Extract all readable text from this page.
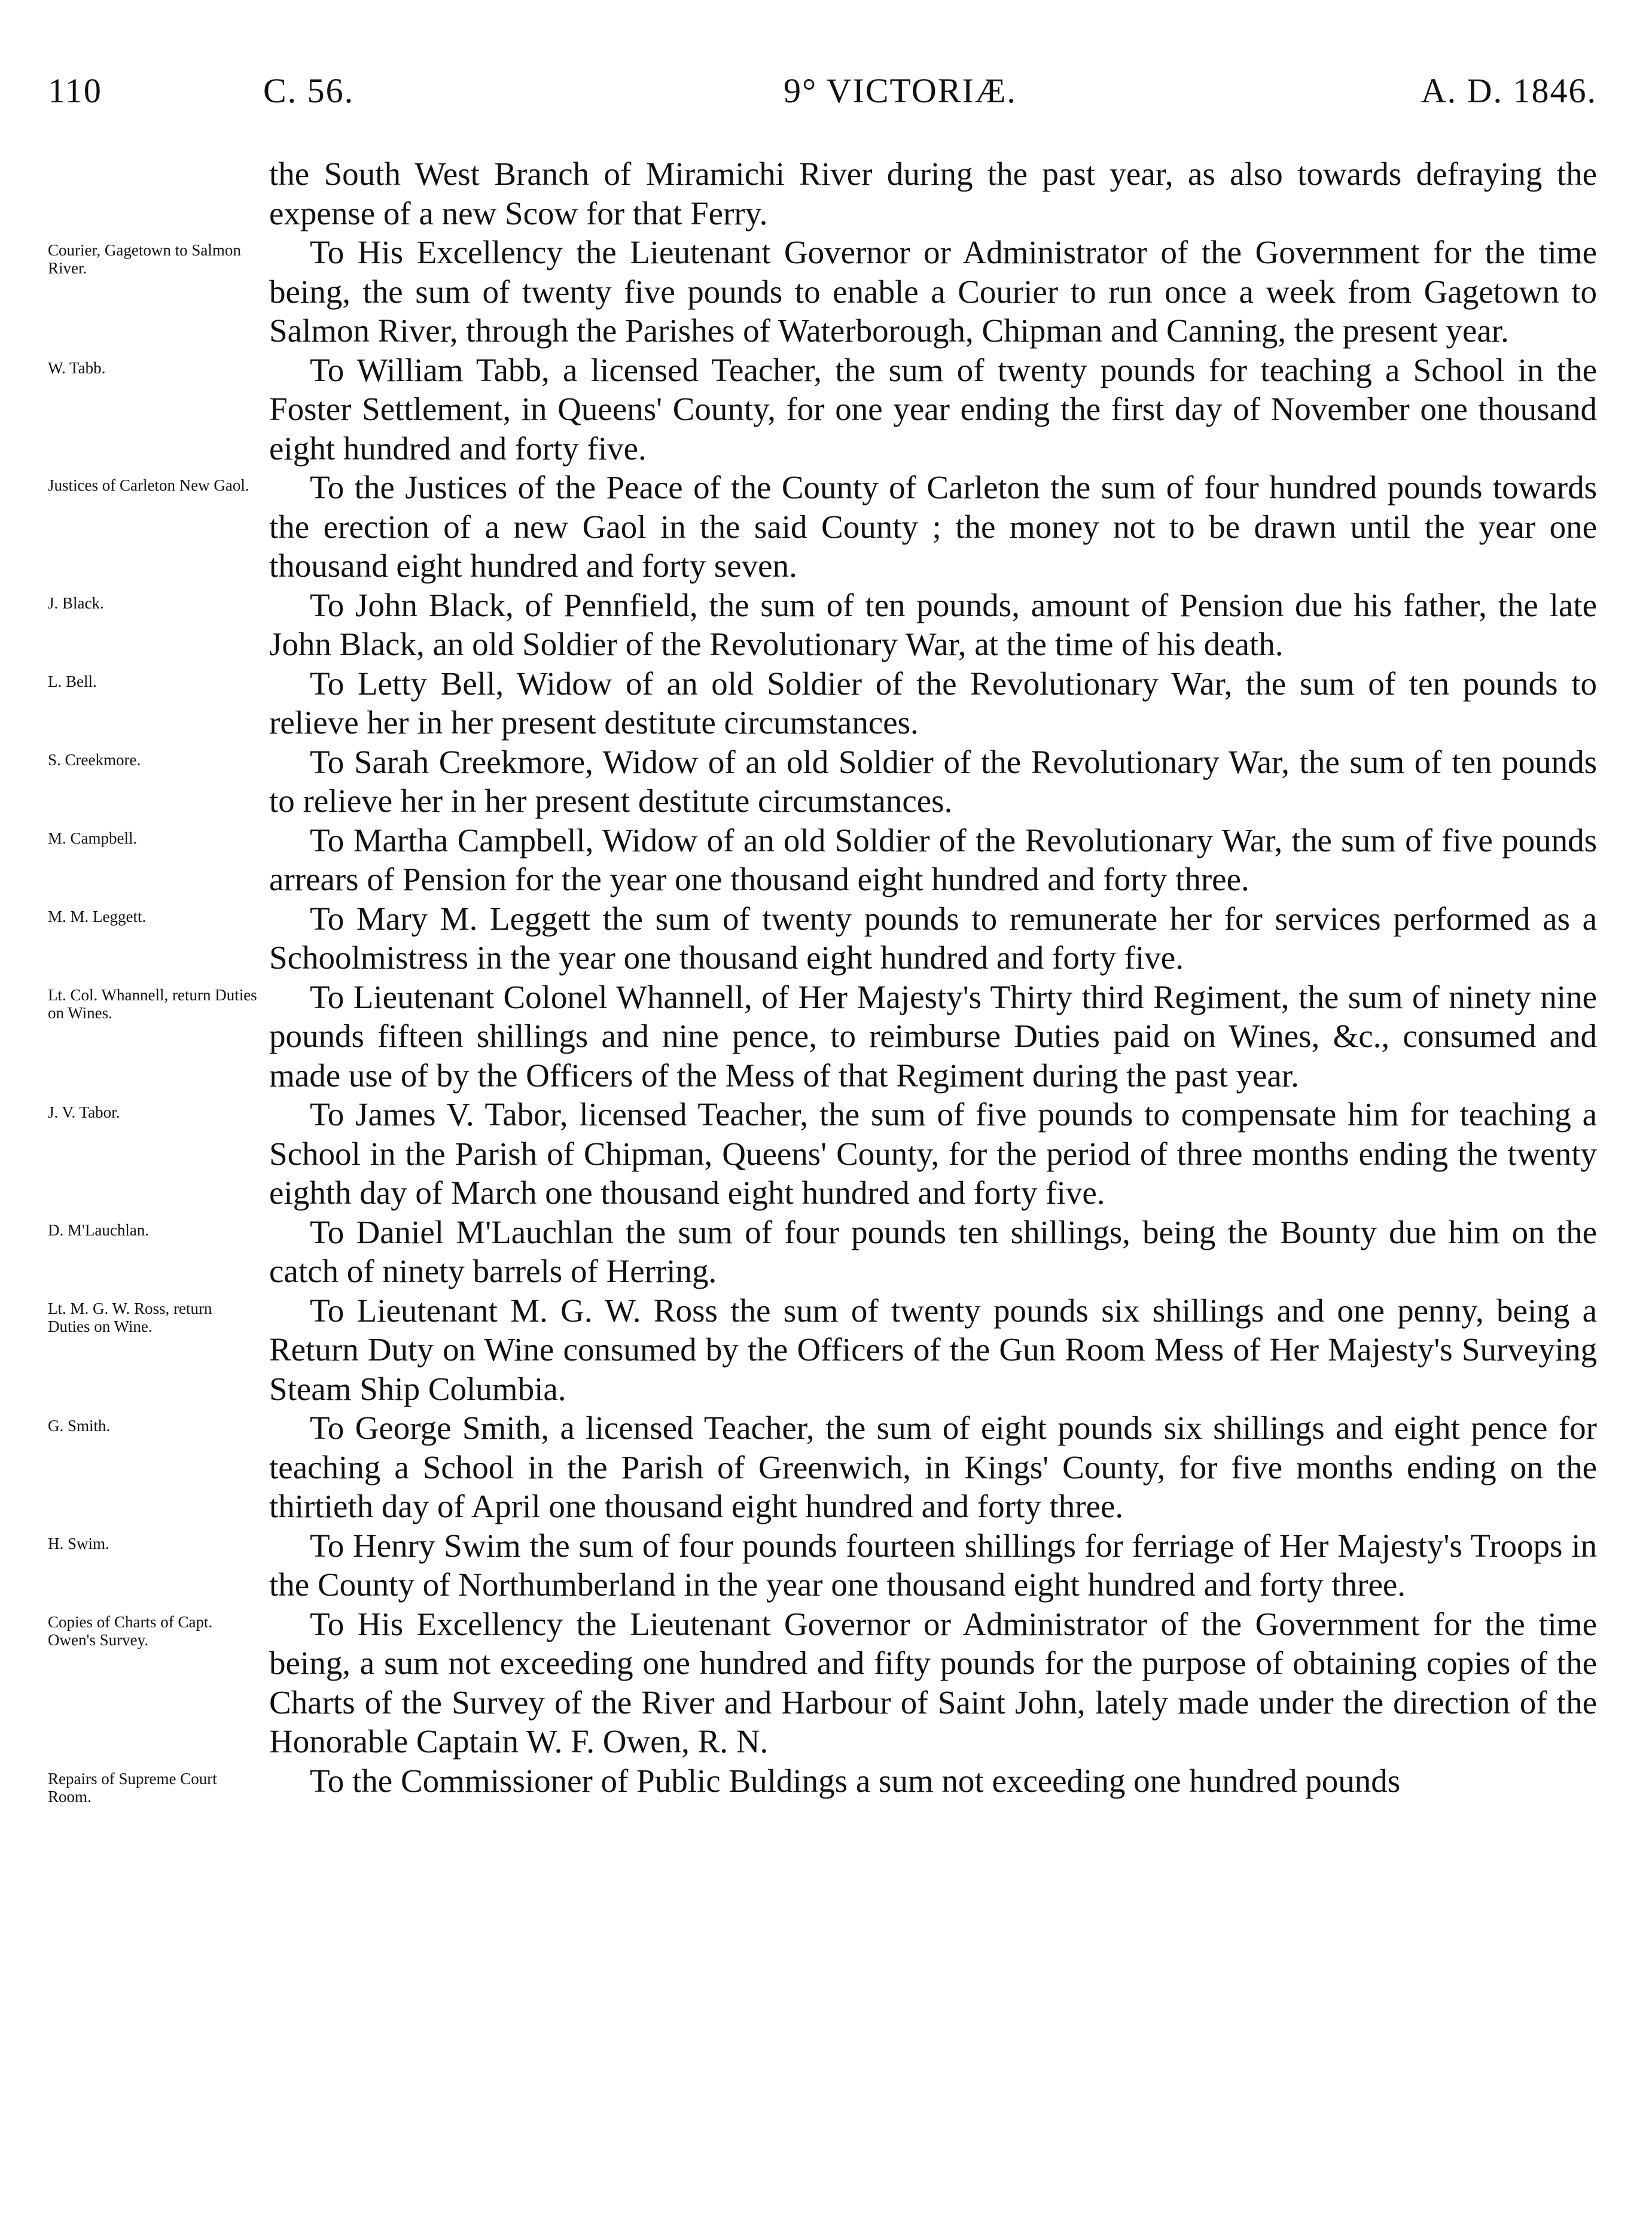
110	C. 56.	9° VICTORIÆ.	A. D. 1846.

the South West Branch of Miramichi River during the past year, as also towards defraying the expense of a new Scow for that Ferry.

Courier, Gagetown to Salmon River.	To His Excellency the Lieutenant Governor or Administrator of the Government for the time being, the sum of twenty five pounds to enable a Courier to run once a week from Gagetown to Salmon River, through the Parishes of Waterborough, Chipman and Canning, the present year.

W. Tabb.	To William Tabb, a licensed Teacher, the sum of twenty pounds for teaching a School in the Foster Settlement, in Queens' County, for one year ending the first day of November one thousand eight hundred and forty five.

Justices of Carleton New Gaol.	To the Justices of the Peace of the County of Carleton the sum of four hundred pounds towards the erection of a new Gaol in the said County ; the money not to be drawn until the year one thousand eight hundred and forty seven.

J. Black.	To John Black, of Pennfield, the sum of ten pounds, amount of Pension due his father, the late John Black, an old Soldier of the Revolutionary War, at the time of his death.

L. Bell.	To Letty Bell, Widow of an old Soldier of the Revolutionary War, the sum of ten pounds to relieve her in her present destitute circumstances.

S. Creekmore.	To Sarah Creekmore, Widow of an old Soldier of the Revolutionary War, the sum of ten pounds to relieve her in her present destitute circumstances.

M. Campbell.	To Martha Campbell, Widow of an old Soldier of the Revolutionary War, the sum of five pounds arrears of Pension for the year one thousand eight hundred and forty three.

M. M. Leggett.	To Mary M. Leggett the sum of twenty pounds to remunerate her for services performed as a Schoolmistress in the year one thousand eight hundred and forty five.

Lt. Col. Whannell, return Duties on Wines.	To Lieutenant Colonel Whannell, of Her Majesty's Thirty third Regiment, the sum of ninety nine pounds fifteen shillings and nine pence, to reimburse Duties paid on Wines, &c., consumed and made use of by the Officers of the Mess of that Regiment during the past year.

J. V. Tabor.	To James V. Tabor, licensed Teacher, the sum of five pounds to compensate him for teaching a School in the Parish of Chipman, Queens' County, for the period of three months ending the twenty eighth day of March one thousand eight hundred and forty five.

D. M'Lauchlan.	To Daniel M'Lauchlan the sum of four pounds ten shillings, being the Bounty due him on the catch of ninety barrels of Herring.

Lt. M. G. W. Ross, return Duties on Wine.	To Lieutenant M. G. W. Ross the sum of twenty pounds six shillings and one penny, being a Return Duty on Wine consumed by the Officers of the Gun Room Mess of Her Majesty's Surveying Steam Ship Columbia.

G. Smith.	To George Smith, a licensed Teacher, the sum of eight pounds six shillings and eight pence for teaching a School in the Parish of Greenwich, in Kings' County, for five months ending on the thirtieth day of April one thousand eight hundred and forty three.

H. Swim.	To Henry Swim the sum of four pounds fourteen shillings for ferriage of Her Majesty's Troops in the County of Northumberland in the year one thousand eight hundred and forty three.

Copies of Charts of Capt. Owen's Survey.	To His Excellency the Lieutenant Governor or Administrator of the Government for the time being, a sum not exceeding one hundred and fifty pounds for the purpose of obtaining copies of the Charts of the Survey of the River and Harbour of Saint John, lately made under the direction of the Honorable Captain W. F. Owen, R. N.

Repairs of Supreme Court Room.	To the Commissioner of Public Buldings a sum not exceeding one hundred pounds
